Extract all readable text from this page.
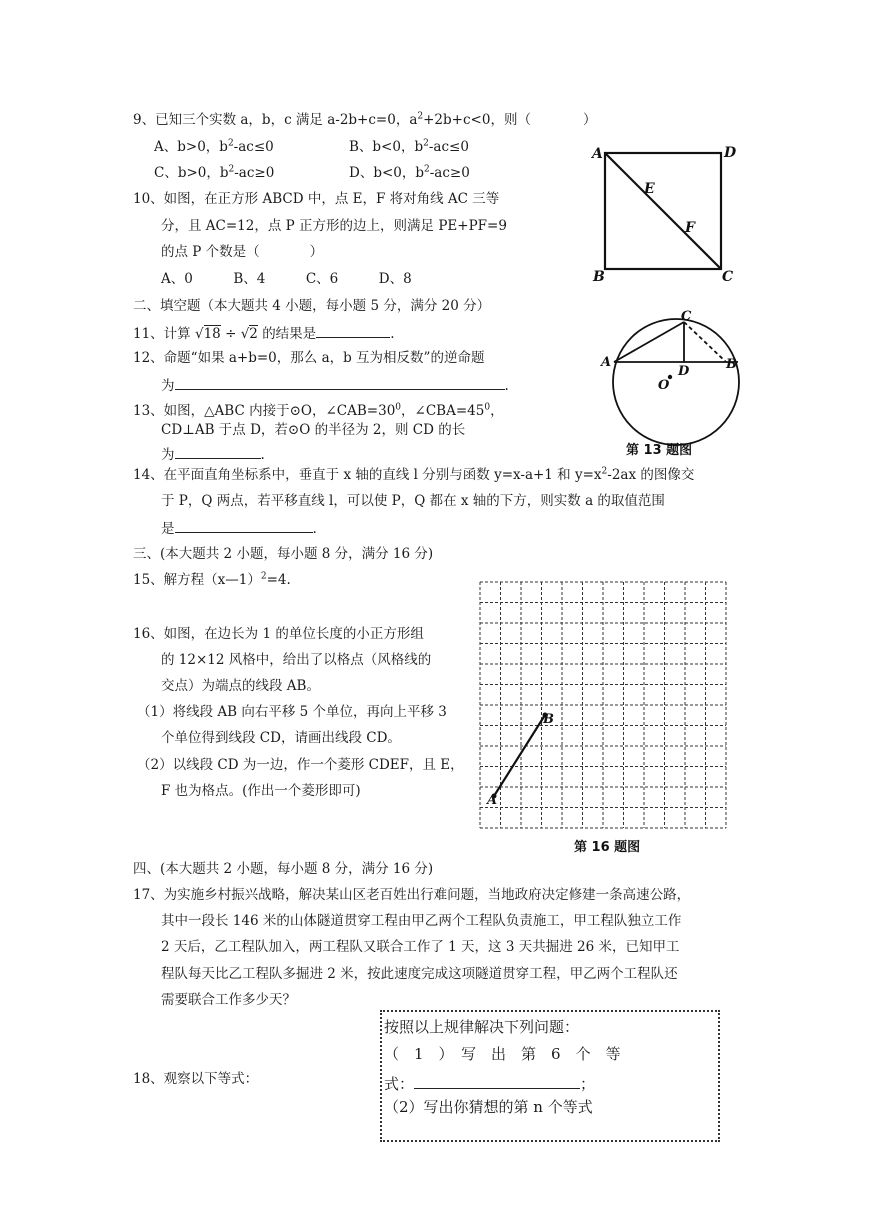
9、已知三个实数 a，b，c 满足 a-2b+c=0，$a^2+2b+c<0$，则（	）
A、b>0，$b^2-ac\le 0$	B、b<0，$b^2-ac\le 0$
C、b>0，$b^2-ac\ge 0$	D、b<0，$b^2-ac\ge 0$
10、如图，在正方形 ABCD 中，点 E，F 将对角线 AC 三等
分，且 AC=12，点 P 正方形的边上，则满足 PE+PF=9
的点 P 个数是（	）
A、0　　　B、4　　　C、6　　　D、8
A	D
B	C
E
F
二、填空题（本大题共 4 小题，每小题 5 分，满分 20 分）
11、计算 √18 ÷ √2 的结果是	.
12、命题“如果 a+b=0，那么 a，b 互为相反数”的逆命题
为	.
13、如图，△ABC 内接于⊙O，$\angle CAB=30^0$，$\angle CBA=45^0$，
CD⊥AB 于点 D，若⊙O 的半径为 2，则 CD 的长
为	.
A	B
C
D
O
第 13 题图
14、在平面直角坐标系中，垂直于 x 轴的直线 l 分别与函数 y=x-a+1 和 $y=x^2-2ax$ 的图像交
于 P，Q 两点，若平移直线 l，可以使 P，Q 都在 x 轴的下方，则实数 a 的取值范围
是	.
三、(本大题共 2 小题，每小题 8 分，满分 16 分)
15、解方程（x—1）$^2$=4.
16、如图，在边长为 1 的单位长度的小正方形组
的 12×12 风格中，给出了以格点（风格线的
交点）为端点的线段 AB。
（1）将线段 AB 向右平移 5 个单位，再向上平移 3
个单位得到线段 CD，请画出线段 CD。
（2）以线段 CD 为一边，作一个菱形 CDEF，且 E，
F 也为格点。(作出一个菱形即可)
A
B
第 16 题图
四、(本大题共 2 小题，每小题 8 分，满分 16 分)
17、为实施乡村振兴战略，解决某山区老百姓出行难问题，当地政府决定修建一条高速公路，
其中一段长 146 米的山体隧道贯穿工程由甲乙两个工程队负责施工，甲工程队独立工作
2 天后，乙工程队加入，两工程队又联合工作了 1 天，这 3 天共掘进 26 米，已知甲工
程队每天比乙工程队多掘进 2 米，按此速度完成这项隧道贯穿工程，甲乙两个工程队还
需要联合工作多少天？
18、观察以下等式：
按照以上规律解决下列问题：
（　1　）　写　出　第　6　个　等
式：	；
（2）写出你猜想的第 n 个等式
